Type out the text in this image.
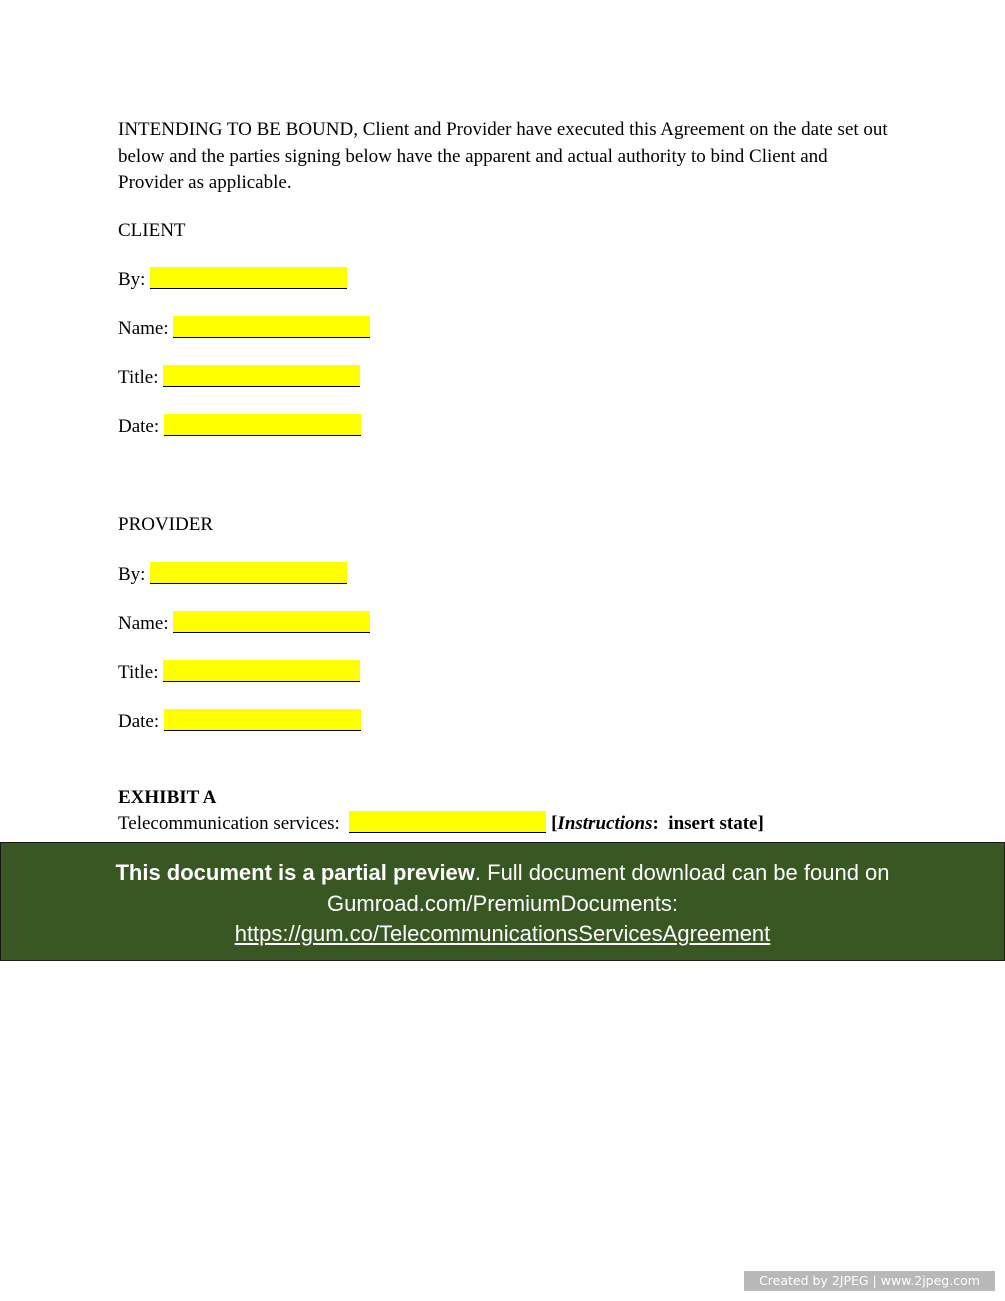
INTENDING TO BE BOUND, Client and Provider have executed this Agreement on the date set out below and the parties signing below have the apparent and actual authority to bind Client and Provider as applicable.

CLIENT

By:
Name:
Title:
Date:

PROVIDER

By:
Name:
Title:
Date:

EXHIBIT A

Telecommunication services:	[Instructions: insert state]
This document is a partial preview. Full document download can be found on
Gumroad.com/PremiumDocuments:
https://gum.co/TelecommunicationsServicesAgreement
Created by 2JPEG | www.2jpeg.com
